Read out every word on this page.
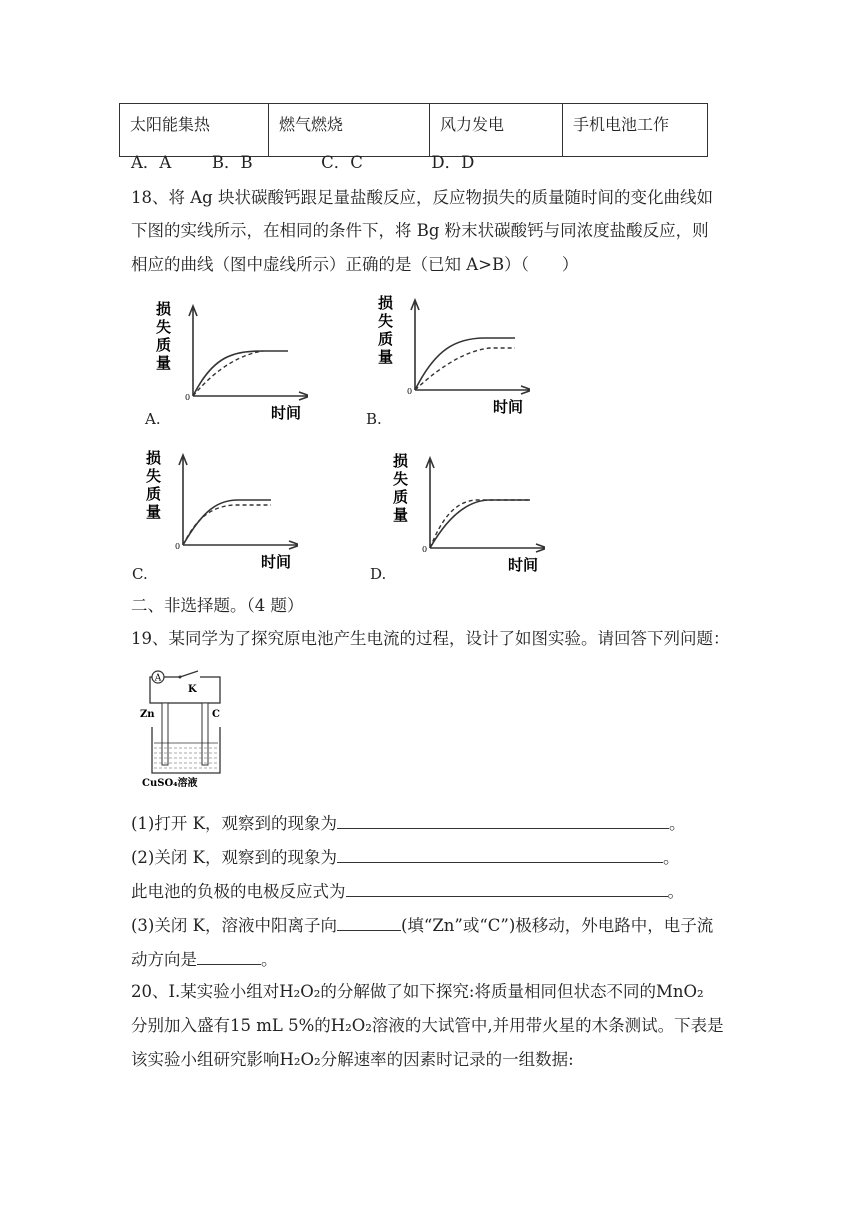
太阳能集热	燃气燃烧	风力发电	手机电池工作
A．A B．B	C．C	D．D
18、将 Ag 块状碳酸钙跟足量盐酸反应，反应物损失的质量随时间的变化曲线如
下图的实线所示，在相同的条件下，将 Bg 粉末状碳酸钙与同浓度盐酸反应，则
相应的曲线（图中虚线所示）正确的是（已知 A>B）（　　）
损
失
质
量
0
时间
A.
损
失
质
量
0
时间
B.
损
失
质
量
0
时间
C.
损
失
质
量
0
时间
D.
二、非选择题。（4 题）
19、某同学为了探究原电池产生电流的过程，设计了如图实验。请回答下列问题：
A
K
Zn	C
CuSO₄溶液
(1)打开 K，观察到的现象为	。
(2)关闭 K，观察到的现象为	。
此电池的负极的电极反应式为	。
(3)关闭 K，溶液中阳离子向	(填“Zn”或“C”)极移动，外电路中，电子流
动方向是	。
20、Ⅰ.某实验小组对H₂O₂的分解做了如下探究:将质量相同但状态不同的MnO₂
分别加入盛有15 mL 5%的H₂O₂溶液的大试管中,并用带火星的木条测试。下表是
该实验小组研究影响H₂O₂分解速率的因素时记录的一组数据:
